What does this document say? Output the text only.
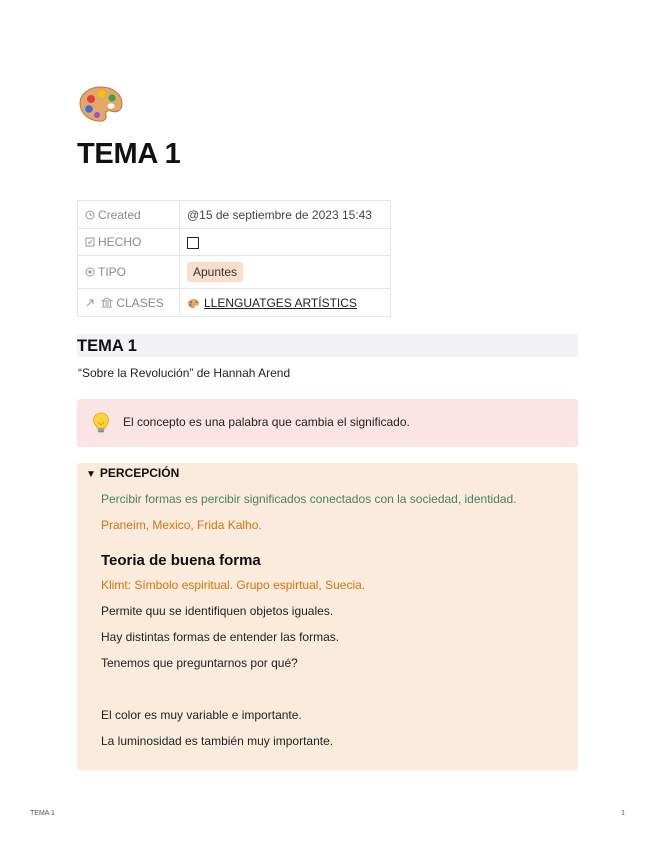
TEMA 1
Created	@15 de septiembre de 2023 15:43
HECHO	
TIPO	Apuntes
CLASES	LLENGUATGES ARTÍSTICS
TEMA 1

“Sobre la Revolución” de Hannah Arend

El concepto es una palabra que cambia el significado.
▼ PERCEPCIÓN
Percibir formas es percibir significados conectados con la sociedad, identidad.
Praneim, Mexico, Frida Kalho.
Teoria de buena forma
Klimt: Símbolo espiritual. Grupo espirtual, Suecia.
Permite quu se identifiquen objetos iguales.
Hay distintas formas de entender las formas.
Tenemos que preguntarnos por qué?
El color es muy variable e importante.
La luminosidad es también muy importante.
TEMA 1	1
